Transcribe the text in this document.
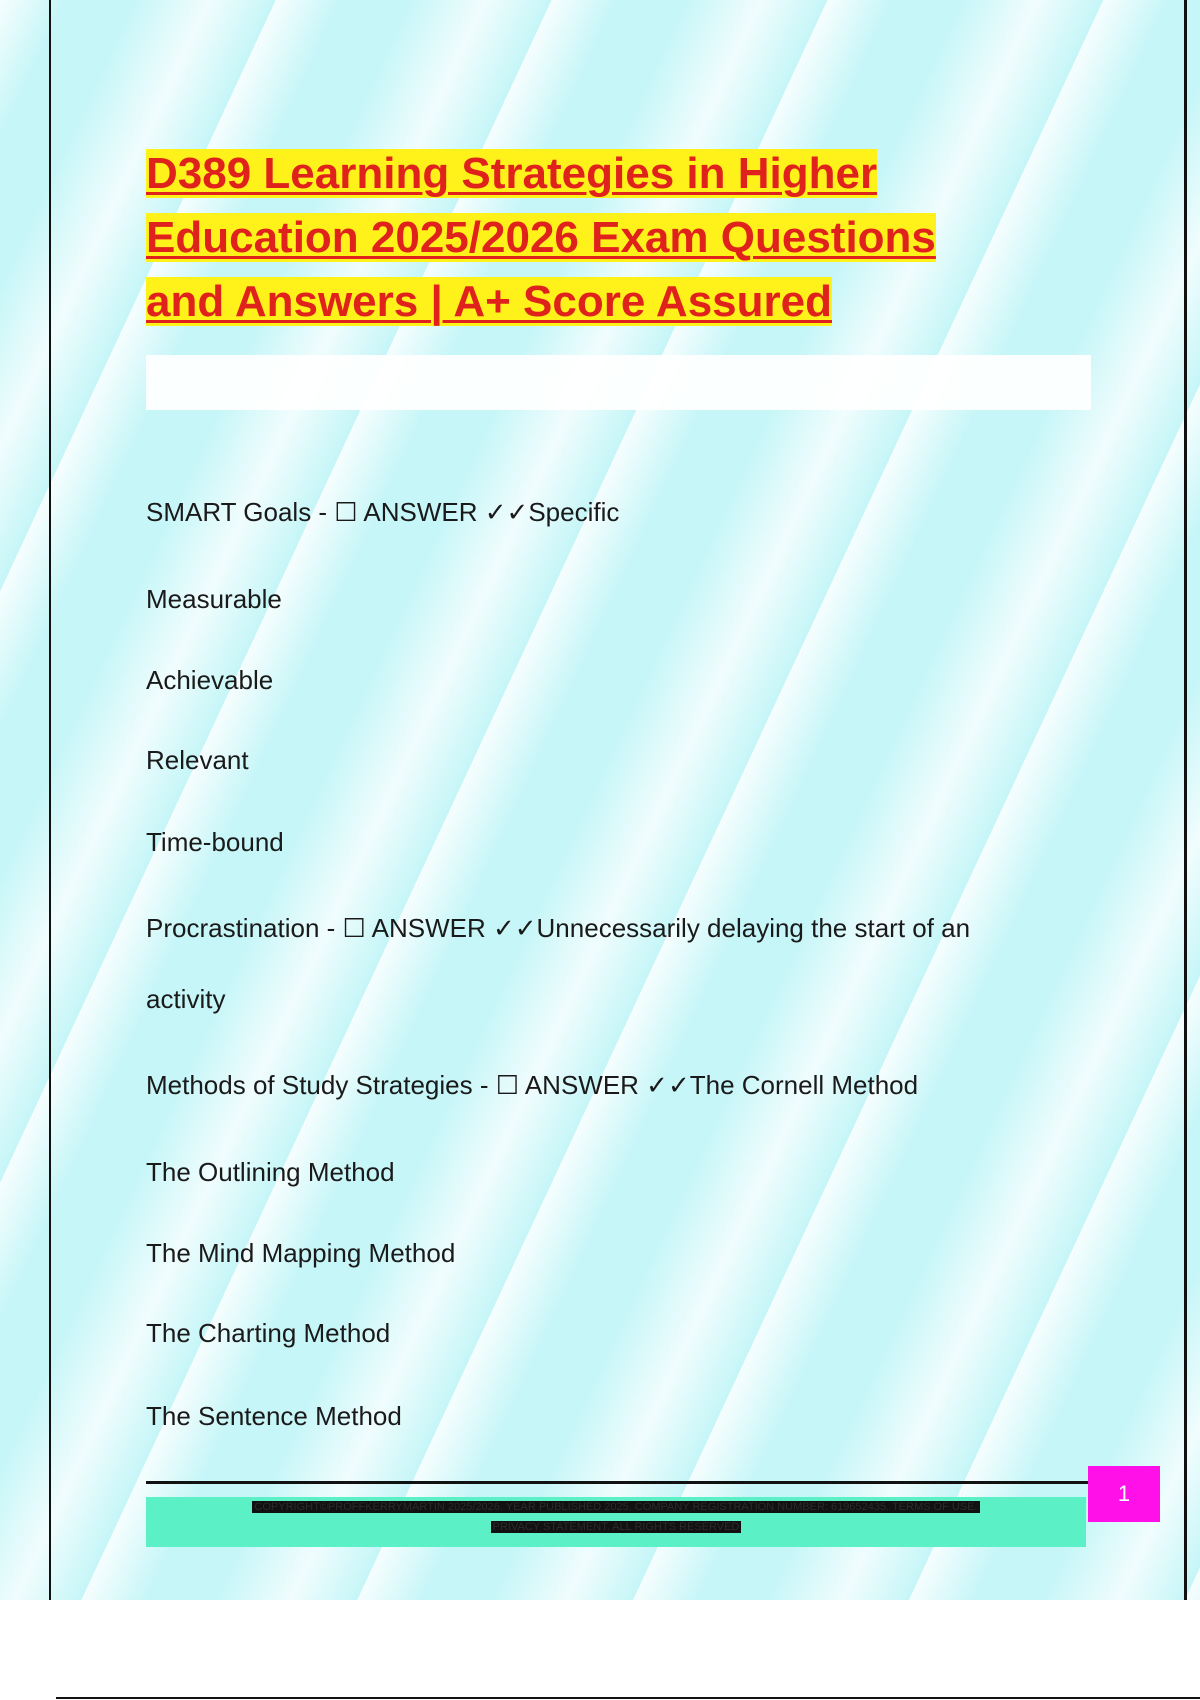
D389 Learning Strategies in Higher
Education 2025/2026 Exam Questions
and Answers | A+ Score Assured

SMART Goals - ☐ ANSWER ✓✓Specific

Measurable

Achievable

Relevant

Time-bound

Procrastination - ☐ ANSWER ✓✓Unnecessarily delaying the start of an

activity

Methods of Study Strategies - ☐ ANSWER ✓✓The Cornell Method

The Outlining Method

The Mind Mapping Method

The Charting Method

The Sentence Method

COPYRIGHT©PROFFKERRYMARTIN 2025/2026. YEAR PUBLISHED 2025. COMPANY REGISTRATION NUMBER: 619652435. TERMS OF USE.
PRIVACY STATEMENT. ALL RIGHTS RESERVED
1
